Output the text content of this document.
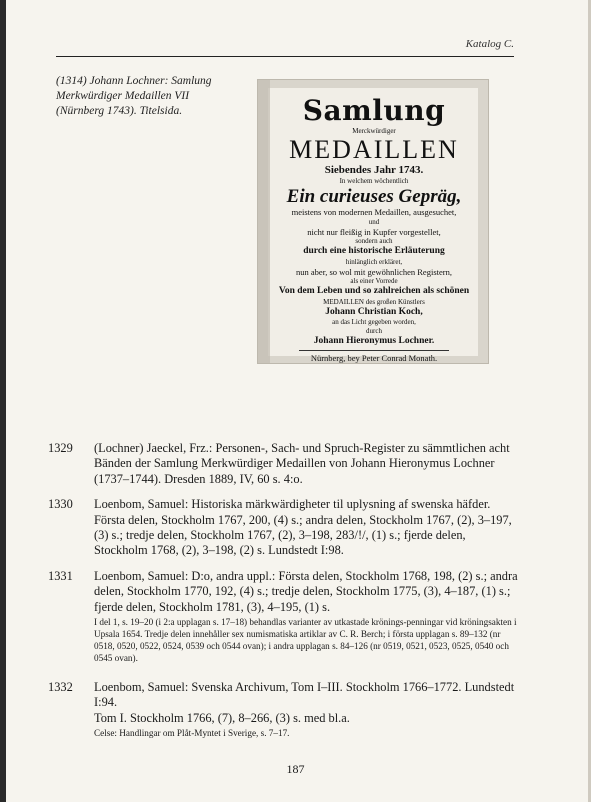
Katalog C.
(1314) Johann Lochner: Samlung Merkwürdiger Medaillen VII (Nürnberg 1743). Titelsida.	Samlung
Merckwürdiger
MEDAILLEN
Siebendes Jahr 1743.
In welchem wöchentlich
Ein curieuses Gepräg,
meistens von modernen Medaillen, ausgesuchet,
und
nicht nur fleißig in Kupfer vorgestellet,
sondern auch
durch eine historische Erläuterung
hinlänglich erkläret,
nun aber, so wol mit gewöhnlichen Registern,
als einer Vorrede
Von dem Leben und so zahlreichen als schönen
MEDAILLEN des großen Künstlers
Johann Christian Koch,
an das Licht gegeben worden,
durch
Johann Hieronymus Lochner.
Nürnberg, bey Peter Conrad Monath.
1329 (Lochner) Jaeckel, Frz.: Personen-, Sach- und Spruch-Register zu sämmtlichen acht Bänden der Samlung Merkwürdiger Medaillen von Johann Hieronymus Lochner (1737–1744). Dresden 1889, IV, 60 s. 4:o.
1330 Loenbom, Samuel: Historiska märkwärdigheter til uplysning af swenska häfder. Första delen, Stockholm 1767, 200, (4) s.; andra delen, Stockholm 1767, (2), 3–197, (3) s.; tredje delen, Stockholm 1767, (2), 3–198, 283/!/, (1) s.; fjerde delen, Stockholm 1768, (2), 3–198, (2) s. Lundstedt I:98.
1331 Loenbom, Samuel: D:o, andra uppl.: Första delen, Stockholm 1768, 198, (2) s.; andra delen, Stockholm 1770, 192, (4) s.; tredje delen, Stockholm 1775, (3), 4–187, (1) s.; fjerde delen, Stockholm 1781, (3), 4–195, (1) s.
I del 1, s. 19–20 (i 2:a upplagan s. 17–18) behandlas varianter av utkastade krönings-penningar vid kröningsakten i Upsala 1654. Tredje delen innehåller sex numismatiska artiklar av C. R. Berch; i första upplagan s. 89–132 (nr 0518, 0520, 0522, 0524, 0539 och 0544 ovan); i andra upplagan s. 84–126 (nr 0519, 0521, 0523, 0525, 0540 och 0545 ovan).
1332 Loenbom, Samuel: Svenska Archivum, Tom I–III. Stockholm 1766–1772. Lundstedt I:94.
Tom I. Stockholm 1766, (7), 8–266, (3) s. med bl.a.
Celse: Handlingar om Plåt-Myntet i Sverige, s. 7–17.
187
